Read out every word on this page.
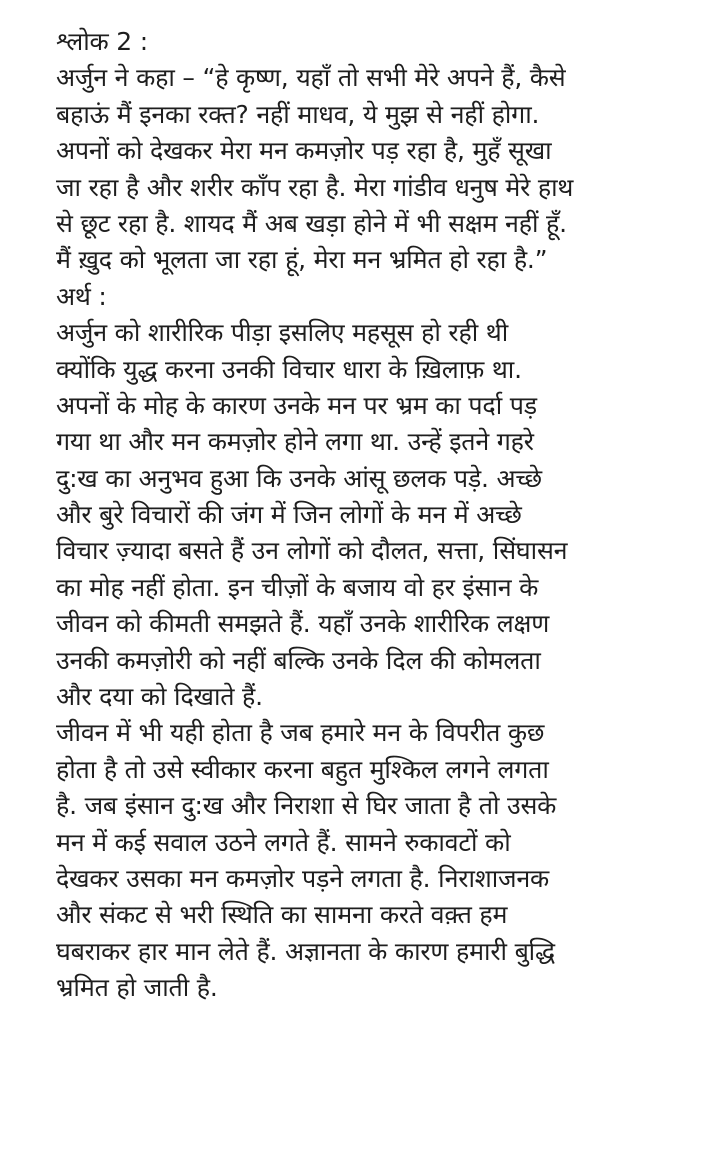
श्लोक 2 :
अर्जुन ने कहा – “हे कृष्ण, यहाँ तो सभी मेरे अपने हैं, कैसे
बहाऊं मैं इनका रक्त? नहीं माधव, ये मुझ से नहीं होगा.
अपनों को देखकर मेरा मन कमज़ोर पड़ रहा है, मुहँ सूखा
जा रहा है और शरीर काँप रहा है. मेरा गांडीव धनुष मेरे हाथ
से छूट रहा है. शायद मैं अब खड़ा होने में भी सक्षम नहीं हूँ.
मैं ख़ुद को भूलता जा रहा हूं, मेरा मन भ्रमित हो रहा है.”
अर्थ :
अर्जुन को शारीरिक पीड़ा इसलिए महसूस हो रही थी
क्योंकि युद्ध करना उनकी विचार धारा के ख़िलाफ़ था.
अपनों के मोह के कारण उनके मन पर भ्रम का पर्दा पड़
गया था और मन कमज़ोर होने लगा था. उन्हें इतने गहरे
दु:ख का अनुभव हुआ कि उनके आंसू छलक पड़े. अच्छे
और बुरे विचारों की जंग में जिन लोगों के मन में अच्छे
विचार ज़्यादा बसते हैं उन लोगों को दौलत, सत्ता, सिंघासन
का मोह नहीं होता. इन चीज़ों के बजाय वो हर इंसान के
जीवन को कीमती समझते हैं. यहाँ उनके शारीरिक लक्षण
उनकी कमज़ोरी को नहीं बल्कि उनके दिल की कोमलता
और दया को दिखाते हैं.
जीवन में भी यही होता है जब हमारे मन के विपरीत कुछ
होता है तो उसे स्वीकार करना बहुत मुश्किल लगने लगता
है. जब इंसान दु:ख और निराशा से घिर जाता है तो उसके
मन में कई सवाल उठने लगते हैं. सामने रुकावटों को
देखकर उसका मन कमज़ोर पड़ने लगता है. निराशाजनक
और संकट से भरी स्थिति का सामना करते वक़्त हम
घबराकर हार मान लेते हैं. अज्ञानता के कारण हमारी बुद्धि
भ्रमित हो जाती है.
